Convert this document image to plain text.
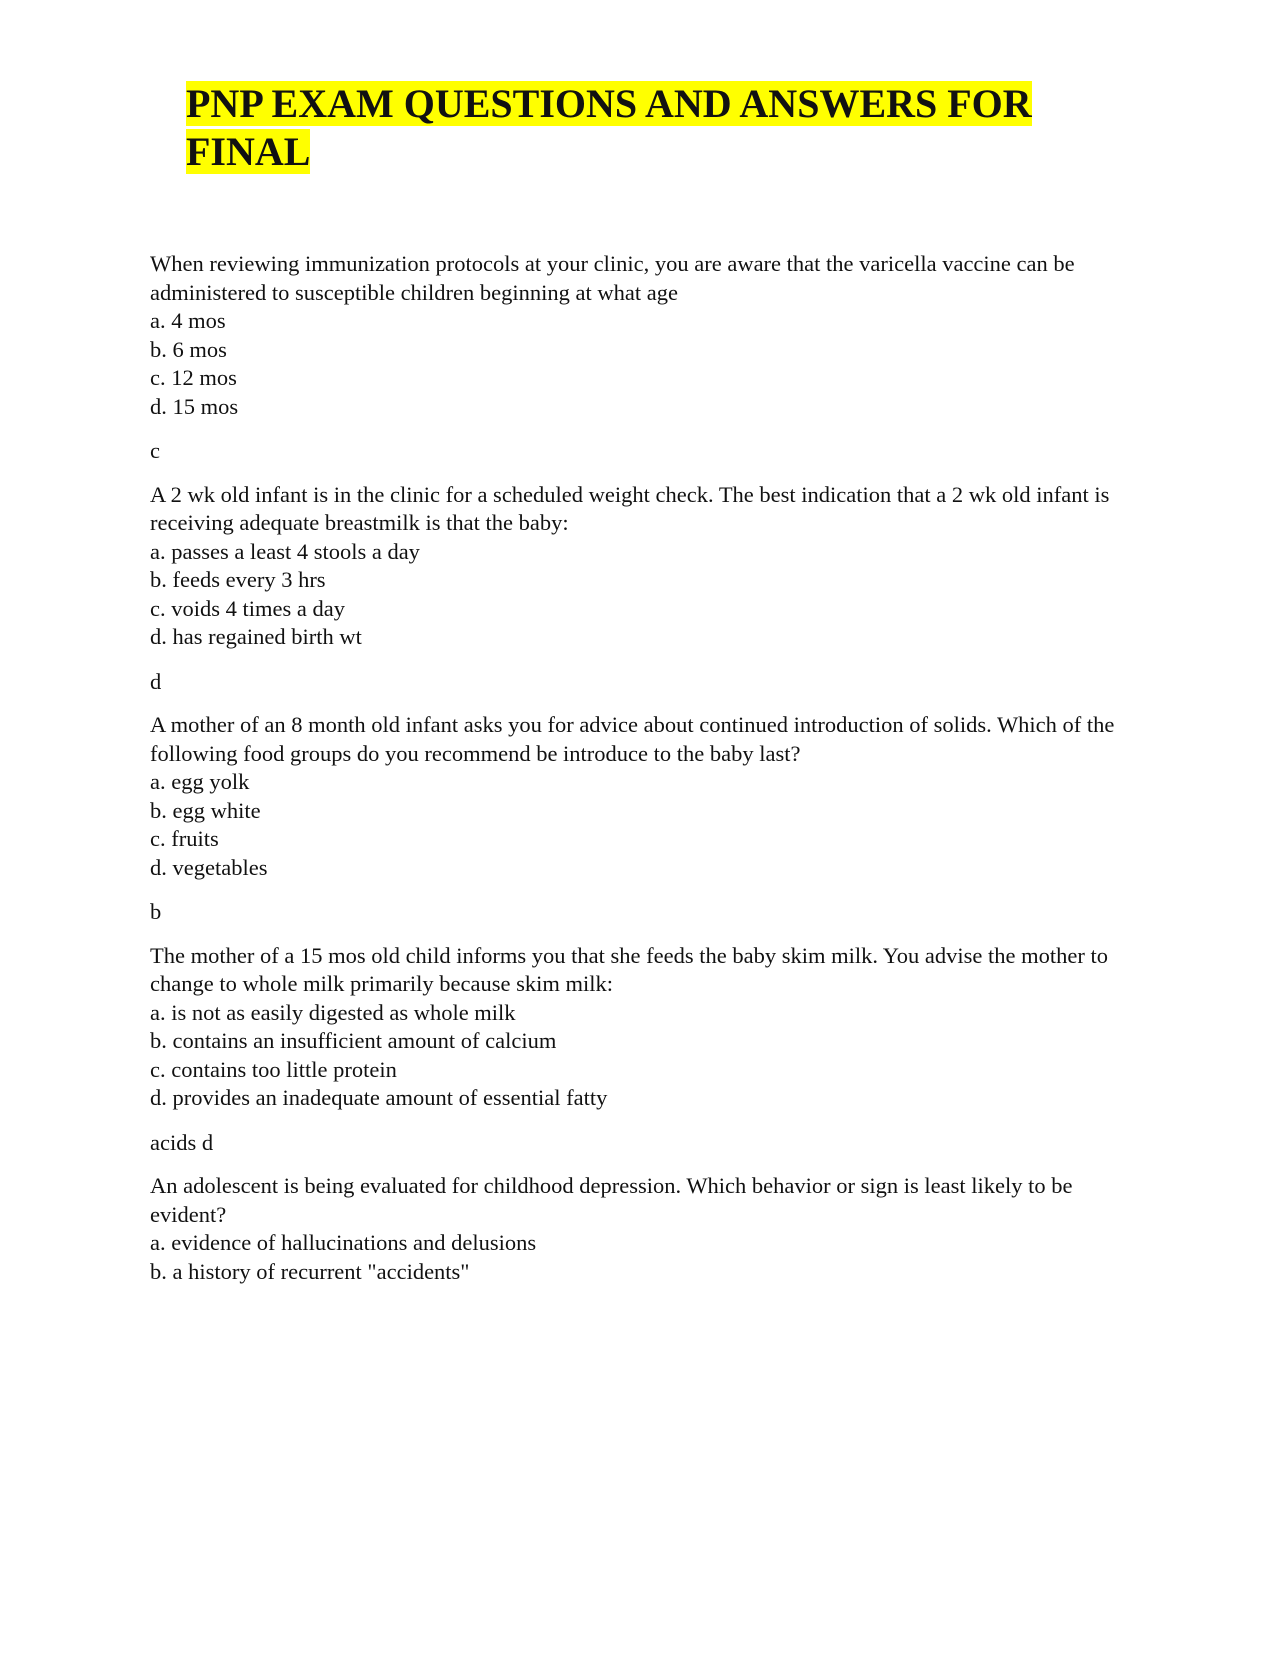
PNP EXAM QUESTIONS AND ANSWERS FOR
FINAL

When reviewing immunization protocols at your clinic, you are aware that the varicella vaccine can be administered to susceptible children beginning at what age

a. 4 mos

b. 6 mos

c. 12 mos

d. 15 mos

c

A 2 wk old infant is in the clinic for a scheduled weight check. The best indication that a 2 wk old infant is receiving adequate breastmilk is that the baby:

a. passes a least 4 stools a day

b. feeds every 3 hrs

c. voids 4 times a day

d. has regained birth wt

d

A mother of an 8 month old infant asks you for advice about continued introduction of solids. Which of the following food groups do you recommend be introduce to the baby last?

a. egg yolk

b. egg white

c. fruits

d. vegetables

b

The mother of a 15 mos old child informs you that she feeds the baby skim milk. You advise the mother to change to whole milk primarily because skim milk:

a. is not as easily digested as whole milk

b. contains an insufficient amount of calcium

c. contains too little protein

d. provides an inadequate amount of essential fatty

acids d

An adolescent is being evaluated for childhood depression. Which behavior or sign is least likely to be evident?

a. evidence of hallucinations and delusions

b. a history of recurrent "accidents"
